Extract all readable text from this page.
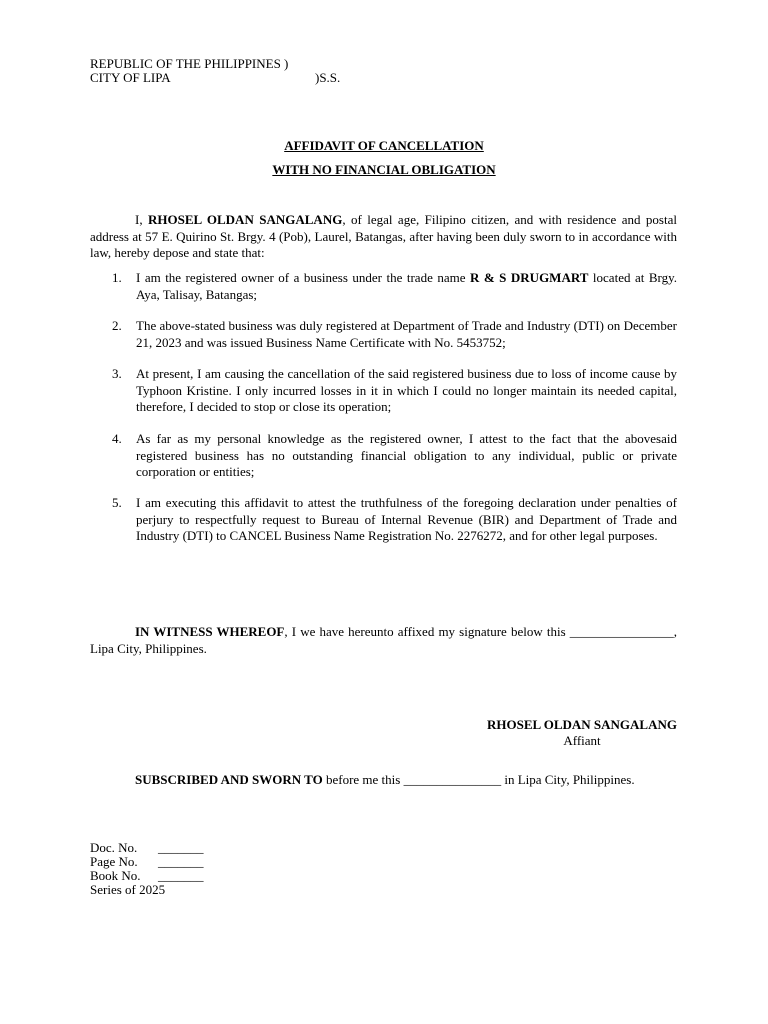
REPUBLIC OF THE PHILIPPINES )
CITY OF LIPA	)S.S.
AFFIDAVIT OF CANCELLATION
WITH NO FINANCIAL OBLIGATION
I, RHOSEL OLDAN SANGALANG, of legal age, Filipino citizen, and with residence and postal address at 57 E. Quirino St. Brgy. 4 (Pob), Laurel, Batangas, after having been duly sworn to in accordance with law, hereby depose and state that:
1. I am the registered owner of a business under the trade name R & S DRUGMART located at Brgy. Aya, Talisay, Batangas;
2. The above-stated business was duly registered at Department of Trade and Industry (DTI) on December 21, 2023 and was issued Business Name Certificate with No. 5453752;
3. At present, I am causing the cancellation of the said registered business due to loss of income cause by Typhoon Kristine. I only incurred losses in it in which I could no longer maintain its needed capital, therefore, I decided to stop or close its operation;
4. As far as my personal knowledge as the registered owner, I attest to the fact that the abovesaid registered business has no outstanding financial obligation to any individual, public or private corporation or entities;
5. I am executing this affidavit to attest the truthfulness of the foregoing declaration under penalties of perjury to respectfully request to Bureau of Internal Revenue (BIR) and Department of Trade and Industry (DTI) to CANCEL Business Name Registration No. 2276272, and for other legal purposes.
IN WITNESS WHEREOF, I we have hereunto affixed my signature below this ________________, Lipa City, Philippines.
RHOSEL OLDAN SANGALANG
Affiant
SUBSCRIBED AND SWORN TO before me this _______________ in Lipa City, Philippines.
Doc. No. _______
Page No. _______
Book No. _______
Series of 2025
